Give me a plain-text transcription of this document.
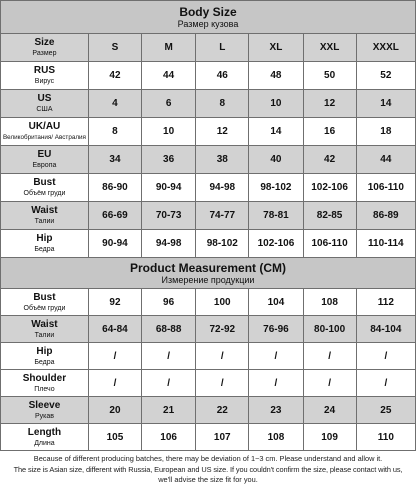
Body Size
Размер кузова						

Size
Размер	S	M	L	XL	XXL	XXXL

RUS
Вирус	42	44	46	48	50	52

US
США	4	6	8	10	12	14

UK/AU
Великобритания/ Австралия	8	10	12	14	16	18

EU
Европа	34	36	38	40	42	44

Bust
Объём груди	86-90	90-94	94-98	98-102	102-106	106-110

Waist
Талии	66-69	70-73	74-77	78-81	82-85	86-89

Hip
Бедра	90-94	94-98	98-102	102-106	106-110	110-114

Product Measurement (CM)
Измерение продукции						

Bust
Объём груди	92	96	100	104	108	112

Waist
Талии	64-84	68-88	72-92	76-96	80-100	84-104

Hip
Бедра	/	/	/	/	/	/

Shoulder
Плечо	/	/	/	/	/	/

Sleeve
Рукав	20	21	22	23	24	25

Length
Длина	105	106	107	108	109	110
Because of different producing batches, there may be deviation of 1~3 cm. Please understand and allow it.
The size is Asian size, different with Russia, European and US size. If you couldn't confirm the size, please contact with us,
we'll advise the size fit for you.
